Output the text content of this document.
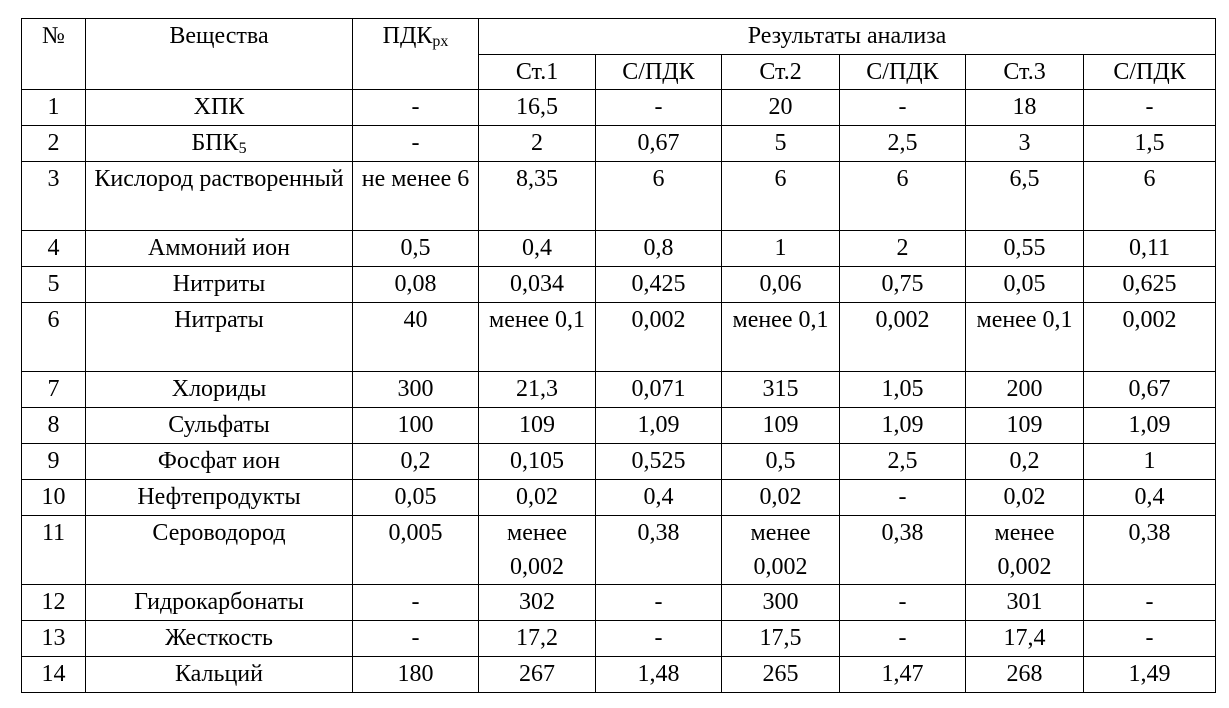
№	Вещества	$ПДК_{рх}$	Результаты анализа					
			Ст.1	С/ПДК	Ст.2	С/ПДК	Ст.3	С/ПДК
1	ХПК	-	16,5	-	20	-	18	-
2	$БПК_5$	-	2	0,67	5	2,5	3	1,5
3	Кислород растворенный	не менее 6	8,35	6	6	6	6,5	6
4	Аммоний ион	0,5	0,4	0,8	1	2	0,55	0,11
5	Нитриты	0,08	0,034	0,425	0,06	0,75	0,05	0,625
6	Нитраты	40	менее 0,1	0,002	менее 0,1	0,002	менее 0,1	0,002
7	Хлориды	300	21,3	0,071	315	1,05	200	0,67
8	Сульфаты	100	109	1,09	109	1,09	109	1,09
9	Фосфат ион	0,2	0,105	0,525	0,5	2,5	0,2	1
10	Нефтепродукты	0,05	0,02	0,4	0,02	-	0,02	0,4
11	Сероводород	0,005	менее 0,002	0,38	менее 0,002	0,38	менее 0,002	0,38
12	Гидрокарбонаты	-	302	-	300	-	301	-
13	Жесткость	-	17,2	-	17,5	-	17,4	-
14	Кальций	180	267	1,48	265	1,47	268	1,49
